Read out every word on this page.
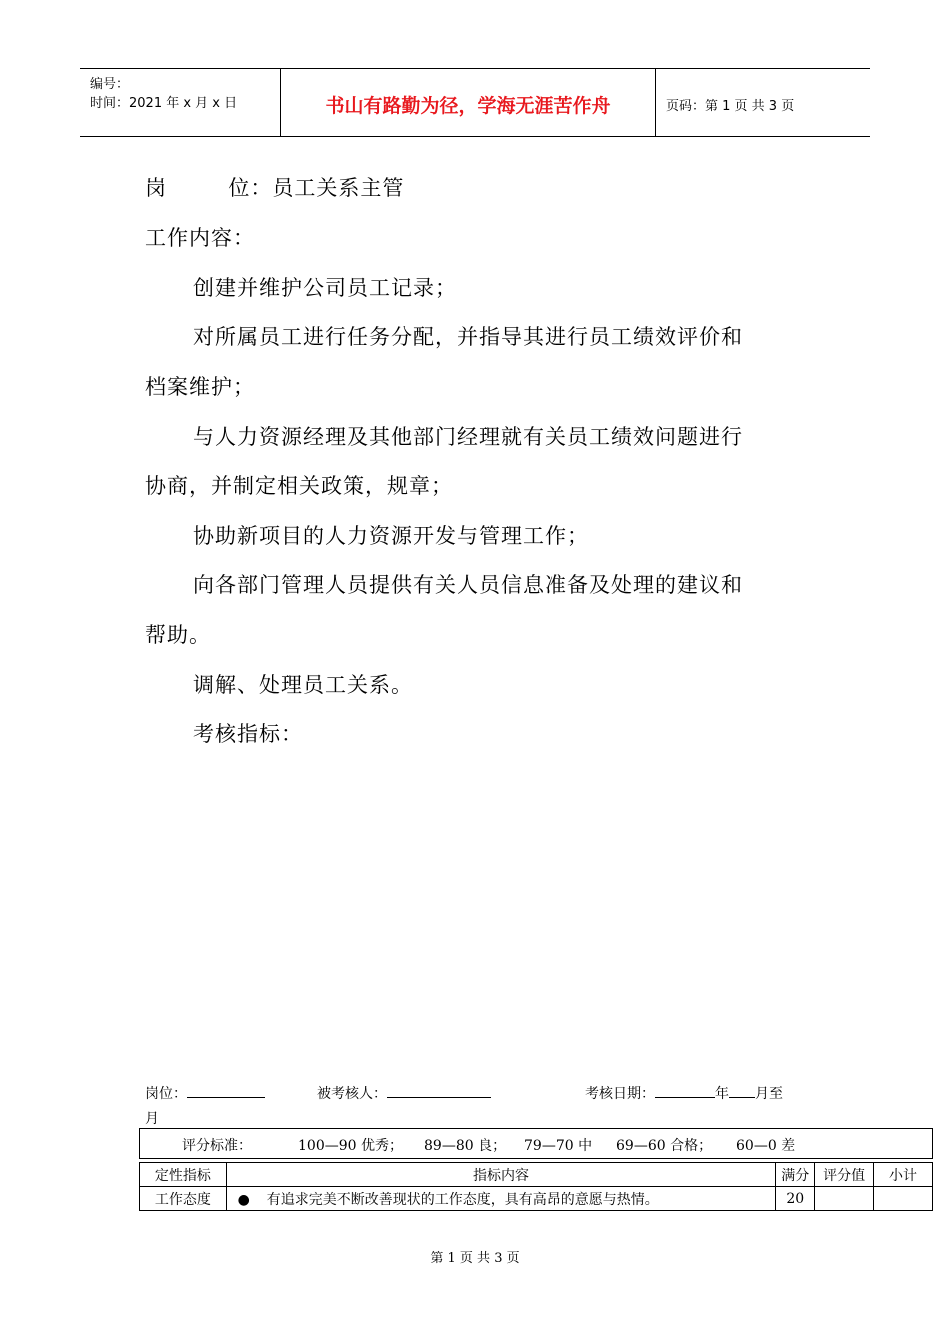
编号：
时间：2021 年 x 月 x 日	书山有路勤为径，学海无涯苦作舟	页码：第 1 页 共 3 页
岗        位：员工关系主管
工作内容：
创建并维护公司员工记录；
对所属员工进行任务分配，并指导其进行员工绩效评价和
档案维护；
与人力资源经理及其他部门经理就有关员工绩效问题进行
协商，并制定相关政策，规章；
协助新项目的人力资源开发与管理工作；
向各部门管理人员提供有关人员信息准备及处理的建议和
帮助。
调解、处理员工关系。
考核指标：
岗位：	被考核人：	考核日期：	年 月至
月
评分标准：	100—90 优秀； 89—80 良； 79—70 中 69—60 合格； 60—0 差
定性指标	指标内容	满分	评分值	小计
工作态度	● 有追求完美不断改善现状的工作态度，具有高昂的意愿与热情。	20		
第 1 页 共 3 页
